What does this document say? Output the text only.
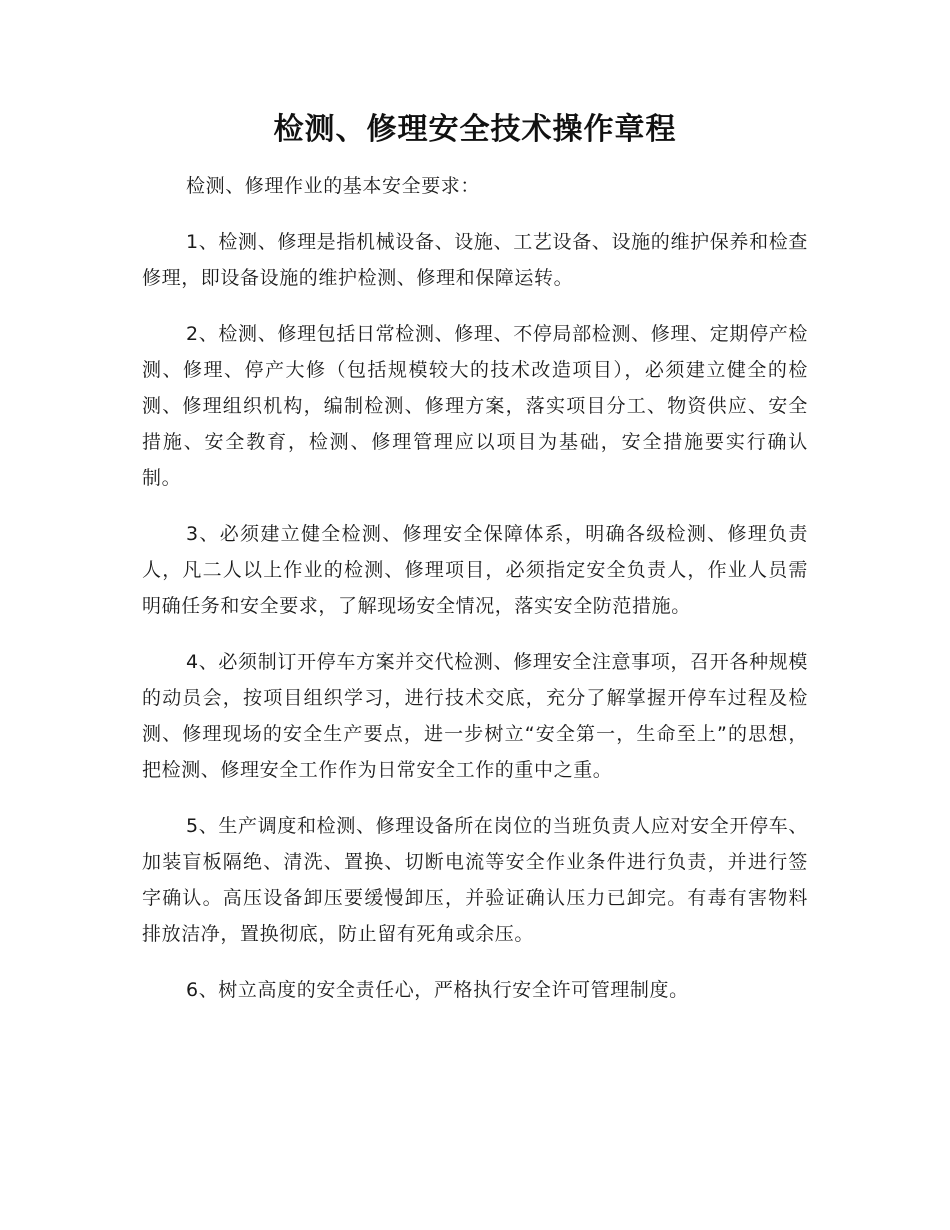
检测、修理安全技术操作章程

检测、修理作业的基本安全要求：

1、检测、修理是指机械设备、设施、工艺设备、设施的维护保养和检查修理，即设备设施的维护检测、修理和保障运转。

2、检测、修理包括日常检测、修理、不停局部检测、修理、定期停产检测、修理、停产大修（包括规模较大的技术改造项目），必须建立健全的检测、修理组织机构，编制检测、修理方案，落实项目分工、物资供应、安全措施、安全教育，检测、修理管理应以项目为基础，安全措施要实行确认制。

3、必须建立健全检测、修理安全保障体系，明确各级检测、修理负责人，凡二人以上作业的检测、修理项目，必须指定安全负责人，作业人员需明确任务和安全要求，了解现场安全情况，落实安全防范措施。

4、必须制订开停车方案并交代检测、修理安全注意事项，召开各种规模的动员会，按项目组织学习，进行技术交底，充分了解掌握开停车过程及检测、修理现场的安全生产要点，进一步树立“安全第一，生命至上”的思想，把检测、修理安全工作作为日常安全工作的重中之重。

5、生产调度和检测、修理设备所在岗位的当班负责人应对安全开停车、加装盲板隔绝、清洗、置换、切断电流等安全作业条件进行负责，并进行签字确认。高压设备卸压要缓慢卸压，并验证确认压力已卸完。有毒有害物料排放洁净，置换彻底，防止留有死角或余压。

6、树立高度的安全责任心，严格执行安全许可管理制度。
